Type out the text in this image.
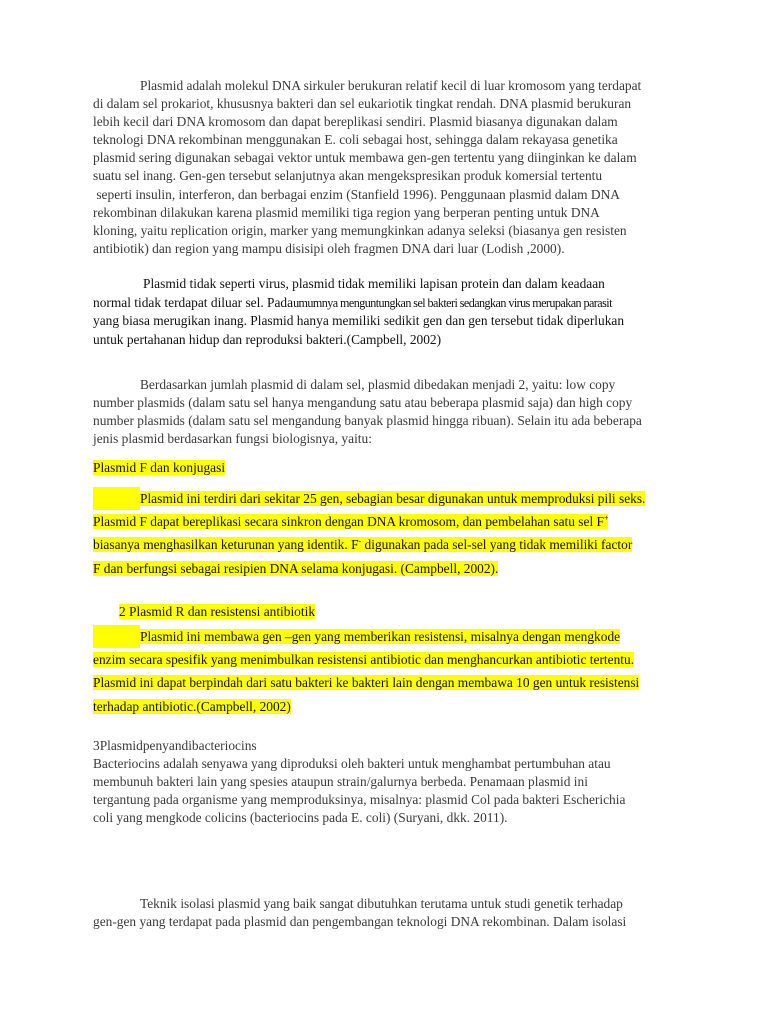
Plasmid adalah molekul DNA sirkuler berukuran relatif kecil di luar kromosom yang terdapat
di dalam sel prokariot, khususnya bakteri dan sel eukariotik tingkat rendah. DNA plasmid berukuran
lebih kecil dari DNA kromosom dan dapat bereplikasi sendiri. Plasmid biasanya digunakan dalam
teknologi DNA rekombinan menggunakan E. coli sebagai host, sehingga dalam rekayasa genetika
plasmid sering digunakan sebagai vektor untuk membawa gen-gen tertentu yang diinginkan ke dalam
suatu sel inang. Gen-gen tersebut selanjutnya akan mengekspresikan produk komersial tertentu
seperti insulin, interferon, dan berbagai enzim (Stanfield 1996). Penggunaan plasmid dalam DNA
rekombinan dilakukan karena plasmid memiliki tiga region yang berperan penting untuk DNA
kloning, yaitu replication origin, marker yang memungkinkan adanya seleksi (biasanya gen resisten
antibiotik) dan region yang mampu disisipi oleh fragmen DNA dari luar (Lodish ,2000).
Plasmid tidak seperti virus, plasmid tidak memiliki lapisan protein dan dalam keadaan
normal tidak terdapat diluar sel. Padaumumnya menguntungkan sel bakteri sedangkan virus merupakan parasit
yang biasa merugikan inang. Plasmid hanya memiliki sedikit gen dan gen tersebut tidak diperlukan
untuk pertahanan hidup dan reproduksi bakteri.(Campbell, 2002)
Berdasarkan jumlah plasmid di dalam sel, plasmid dibedakan menjadi 2, yaitu: low copy
number plasmids (dalam satu sel hanya mengandung satu atau beberapa plasmid saja) dan high copy
number plasmids (dalam satu sel mengandung banyak plasmid hingga ribuan). Selain itu ada beberapa
jenis plasmid berdasarkan fungsi biologisnya, yaitu:
Plasmid F dan konjugasi
Plasmid ini terdiri dari sekitar 25 gen, sebagian besar digunakan untuk memproduksi pili seks.
Plasmid F dapat bereplikasi secara sinkron dengan DNA kromosom, dan pembelahan satu sel F+
biasanya menghasilkan keturunan yang identik. F- digunakan pada sel-sel yang tidak memiliki factor
F dan berfungsi sebagai resipien DNA selama konjugasi. (Campbell, 2002).
2 Plasmid R dan resistensi antibiotik
Plasmid ini membawa gen –gen yang memberikan resistensi, misalnya dengan mengkode
enzim secara spesifik yang menimbulkan resistensi antibiotic dan menghancurkan antibiotic tertentu.
Plasmid ini dapat berpindah dari satu bakteri ke bakteri lain dengan membawa 10 gen untuk resistensi
terhadap antibiotic.(Campbell, 2002)
3Plasmidpenyandibacteriocins
Bacteriocins adalah senyawa yang diproduksi oleh bakteri untuk menghambat pertumbuhan atau
membunuh bakteri lain yang spesies ataupun strain/galurnya berbeda. Penamaan plasmid ini
tergantung pada organisme yang memproduksinya, misalnya: plasmid Col pada bakteri Escherichia
coli yang mengkode colicins (bacteriocins pada E. coli) (Suryani, dkk. 2011).
Teknik isolasi plasmid yang baik sangat dibutuhkan terutama untuk studi genetik terhadap
gen-gen yang terdapat pada plasmid dan pengembangan teknologi DNA rekombinan. Dalam isolasi
